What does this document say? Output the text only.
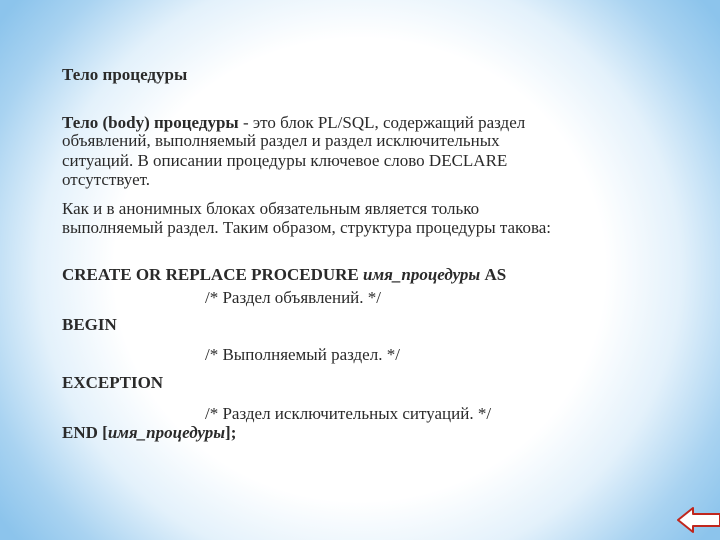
Тело процедуры
Тело (body) процедуры - это блок PL/SQL, содержащий раздел
объявлений, выполняемый раздел и раздел исключительных
ситуаций. В описании процедуры ключевое слово DECLARE
отсутствует.
Как и в анонимных блоках обязательным является только
выполняемый раздел. Таким образом, структура процедуры такова:
CREATE OR REPLACE PROCEDURE имя_процедуры AS
/* Раздел объявлений. */
BEGIN
/* Выполняемый раздел. */
EXCEPTION
/* Раздел исключительных ситуаций. */
END [имя_процедуры];
